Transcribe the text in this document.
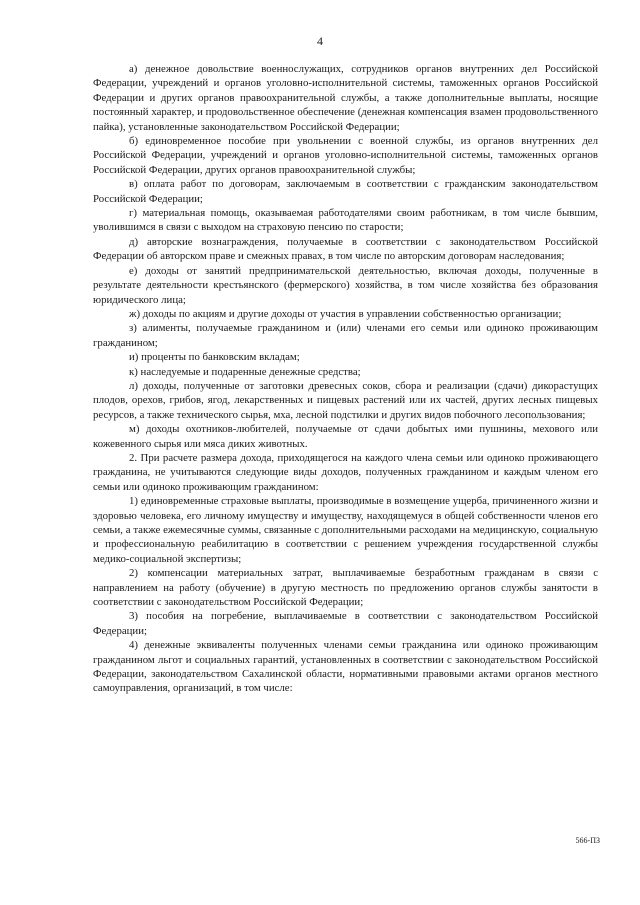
4

а) денежное довольствие военнослужащих, сотрудников органов внутренних дел Российской Федерации, учреждений и органов уголовно-исполнительной системы, таможенных органов Российской Федерации и других органов правоохранительной службы, а также дополнительные выплаты, носящие постоянный характер, и продовольственное обеспечение (денежная компенсация взамен продовольственного пайка), установленные законодательством Российской Федерации;

б) единовременное пособие при увольнении с военной службы, из органов внутренних дел Российской Федерации, учреждений и органов уголовно-исполнительной системы, таможенных органов Российской Федерации, других органов правоохранительной службы;

в) оплата работ по договорам, заключаемым в соответствии с гражданским законодательством Российской Федерации;

г) материальная помощь, оказываемая работодателями своим работникам, в том числе бывшим, уволившимся в связи с выходом на страховую пенсию по старости;

д) авторские вознаграждения, получаемые в соответствии с законодательством Российской Федерации об авторском праве и смежных правах, в том числе по авторским договорам наследования;

е) доходы от занятий предпринимательской деятельностью, включая доходы, полученные в результате деятельности крестьянского (фермерского) хозяйства, в том числе хозяйства без образования юридического лица;

ж) доходы по акциям и другие доходы от участия в управлении собственностью организации;

з) алименты, получаемые гражданином и (или) членами его семьи или одиноко проживающим гражданином;

и) проценты по банковским вкладам;

к) наследуемые и подаренные денежные средства;

л) доходы, полученные от заготовки древесных соков, сбора и реализации (сдачи) дикорастущих плодов, орехов, грибов, ягод, лекарственных и пищевых растений или их частей, других лесных пищевых ресурсов, а также технического сырья, мха, лесной подстилки и других видов побочного лесопользования;

м) доходы охотников-любителей, получаемые от сдачи добытых ими пушнины, мехового или кожевенного сырья или мяса диких животных.

2. При расчете размера дохода, приходящегося на каждого члена семьи или одиноко проживающего гражданина, не учитываются следующие виды доходов, полученных гражданином и каждым членом его семьи или одиноко проживающим гражданином:

1) единовременные страховые выплаты, производимые в возмещение ущерба, причиненного жизни и здоровью человека, его личному имуществу и имуществу, находящемуся в общей собственности членов его семьи, а также ежемесячные суммы, связанные с дополнительными расходами на медицинскую, социальную и профессиональную реабилитацию в соответствии с решением учреждения государственной службы медико-социальной экспертизы;

2) компенсации материальных затрат, выплачиваемые безработным гражданам в связи с направлением на работу (обучение) в другую местность по предложению органов службы занятости в соответствии с законодательством Российской Федерации;

3) пособия на погребение, выплачиваемые в соответствии с законодательством Российской Федерации;

4) денежные эквиваленты полученных членами семьи гражданина или одиноко проживающим гражданином льгот и социальных гарантий, установленных в соответствии с законодательством Российской Федерации, законодательством Сахалинской области, нормативными правовыми актами органов местного самоуправления, организаций, в том числе:

566-ПЗ
